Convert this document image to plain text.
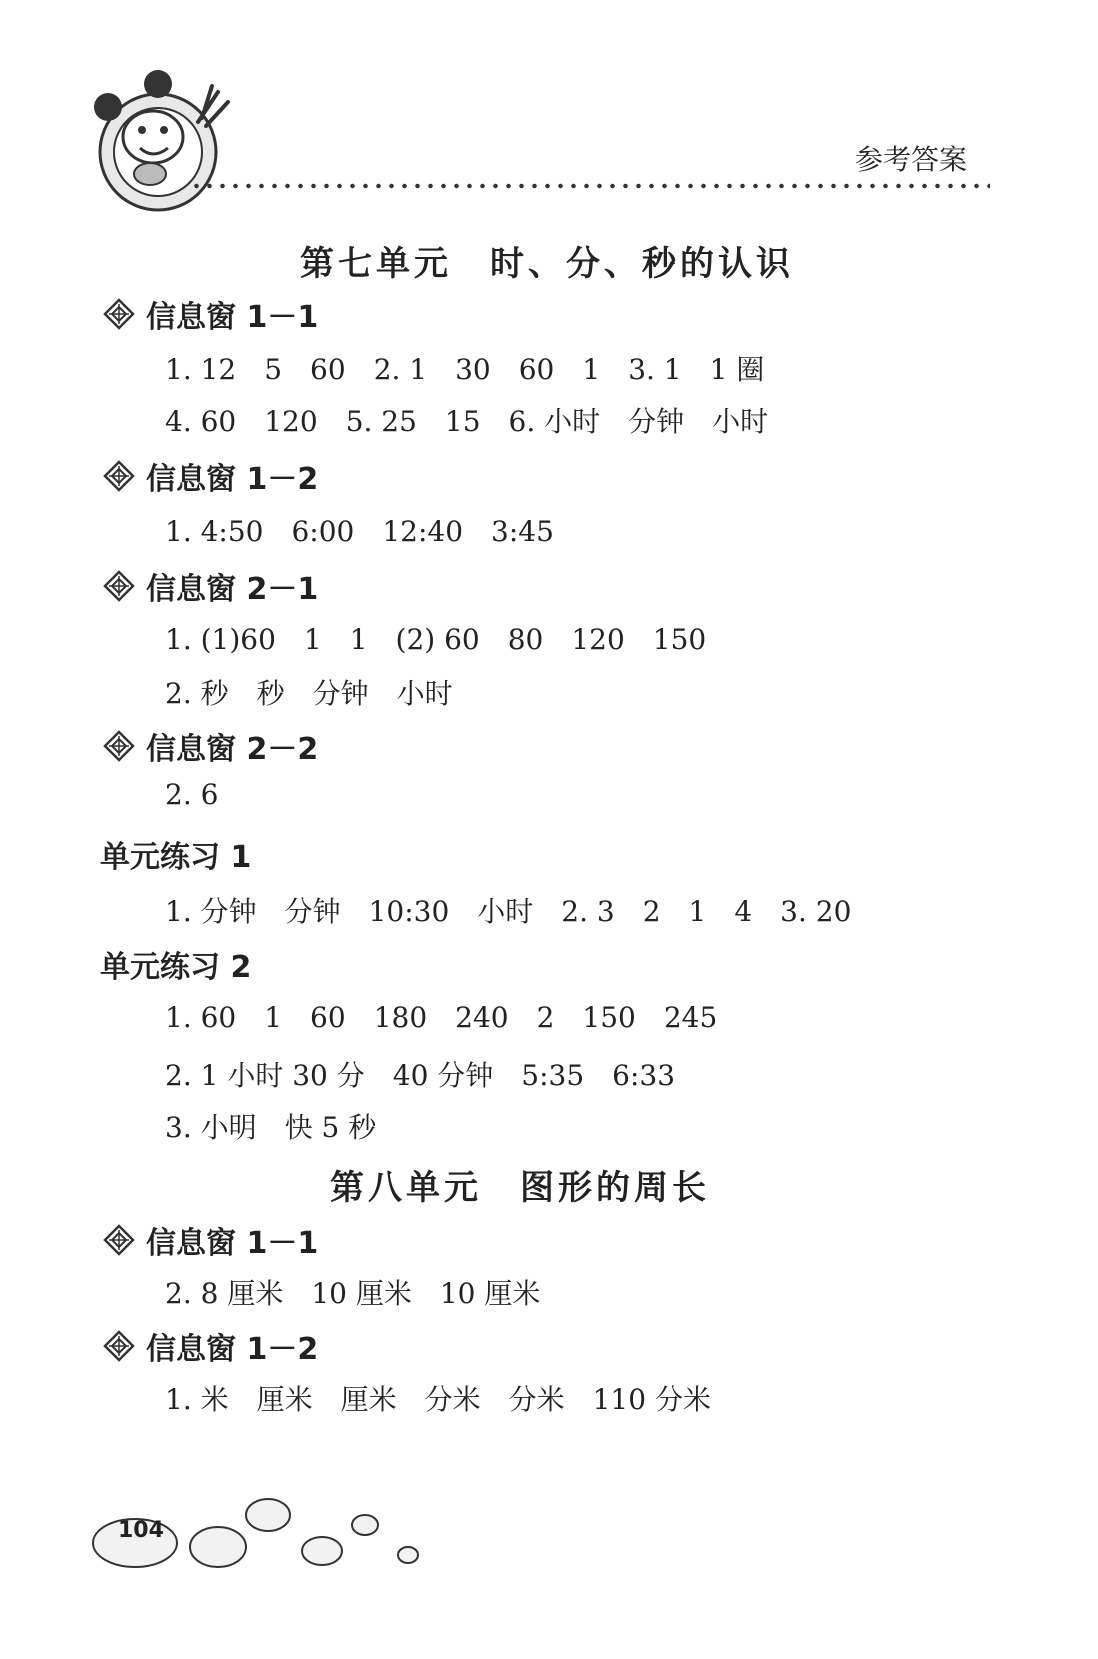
参考答案
第七单元　时、分、秒的认识
信息窗 1－1
1. 12　5　60　2. 1　30　60　1　3. 1　1 圈
4. 60　120　5. 25　15　6. 小时　分钟　小时
信息窗 1－2
1. 4:50　6:00　12:40　3:45
信息窗 2－1
1. (1)60　1　1　(2) 60　80　120　150
2. 秒　秒　分钟　小时
信息窗 2－2
2. 6
单元练习 1
1. 分钟　分钟　10:30　小时　2. 3　2　1　4　3. 20
单元练习 2
1. 60　1　60　180　240　2　150　245
2. 1 小时 30 分　40 分钟　5:35　6:33
3. 小明　快 5 秒
第八单元　图形的周长
信息窗 1－1
2. 8 厘米　10 厘米　10 厘米
信息窗 1－2
1. 米　厘米　厘米　分米　分米　110 分米
104
